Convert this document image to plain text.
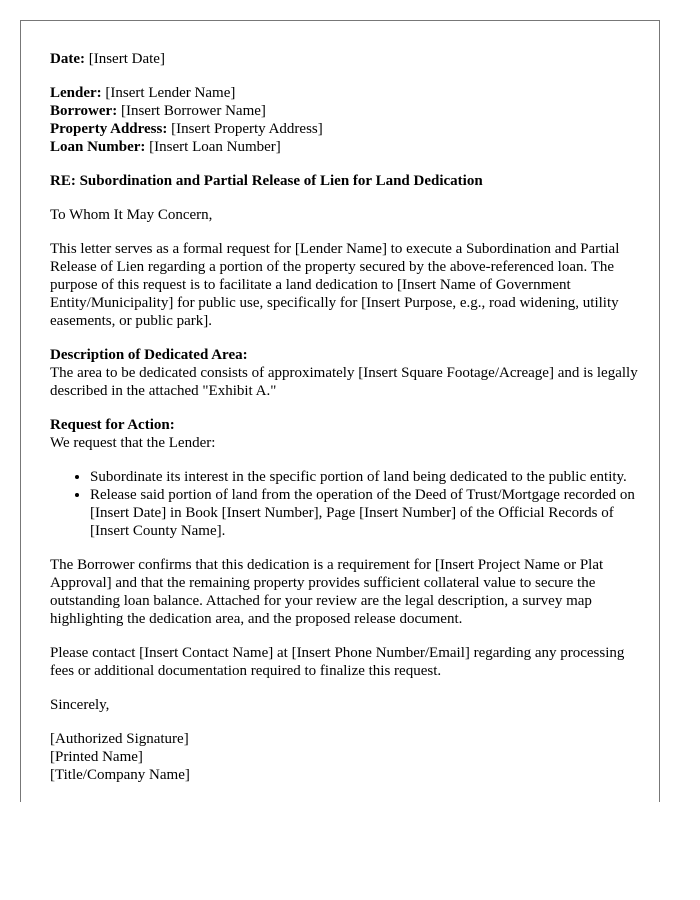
Date: [Insert Date]
Lender: [Insert Lender Name]
Borrower: [Insert Borrower Name]
Property Address: [Insert Property Address]
Loan Number: [Insert Loan Number]
RE: Subordination and Partial Release of Lien for Land Dedication
To Whom It May Concern,
This letter serves as a formal request for [Lender Name] to execute a Subordination and Partial Release of Lien regarding a portion of the property secured by the above-referenced loan. The purpose of this request is to facilitate a land dedication to [Insert Name of Government Entity/Municipality] for public use, specifically for [Insert Purpose, e.g., road widening, utility easements, or public park].
Description of Dedicated Area:
The area to be dedicated consists of approximately [Insert Square Footage/Acreage] and is legally described in the attached "Exhibit A."
Request for Action:
We request that the Lender:
• Subordinate its interest in the specific portion of land being dedicated to the public entity.
• Release said portion of land from the operation of the Deed of Trust/Mortgage recorded on [Insert Date] in Book [Insert Number], Page [Insert Number] of the Official Records of [Insert County Name].
The Borrower confirms that this dedication is a requirement for [Insert Project Name or Plat Approval] and that the remaining property provides sufficient collateral value to secure the outstanding loan balance. Attached for your review are the legal description, a survey map highlighting the dedication area, and the proposed release document.
Please contact [Insert Contact Name] at [Insert Phone Number/Email] regarding any processing fees or additional documentation required to finalize this request.
Sincerely,
[Authorized Signature]
[Printed Name]
[Title/Company Name]
